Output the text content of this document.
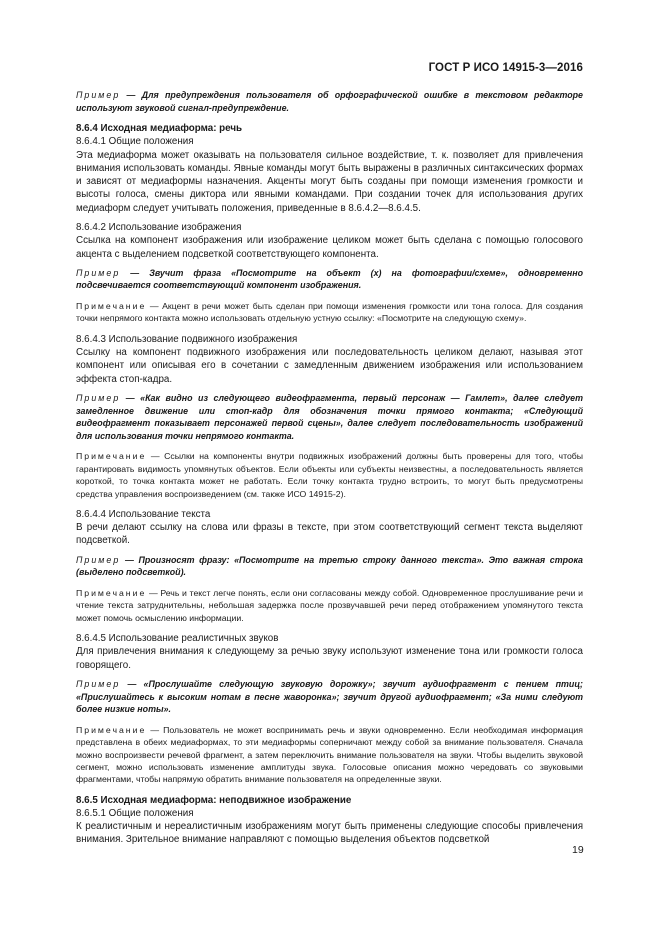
ГОСТ Р ИСО 14915-3—2016

Пример — Для предупреждения пользователя об орфографической ошибке в текстовом редакторе используют звуковой сигнал-предупреждение.

8.6.4 Исходная медиаформа: речь

8.6.4.1 Общие положения

Эта медиаформа может оказывать на пользователя сильное воздействие, т. к. позволяет для привлечения внимания использовать команды. Явные команды могут быть выражены в различных синтаксических формах и зависят от медиаформы назначения. Акценты могут быть созданы при помощи изменения громкости и высоты голоса, смены диктора или явными командами. При создании точек для использования других медиаформ следует учитывать положения, приведенные в 8.6.4.2—8.6.4.5.

8.6.4.2 Использование изображения

Ссылка на компонент изображения или изображение целиком может быть сделана с помощью голосового акцента с выделением подсветкой соответствующего компонента.

Пример — Звучит фраза «Посмотрите на объект (х) на фотографии/схеме», одновременно подсвечивается соответствующий компонент изображения.

Примечание — Акцент в речи может быть сделан при помощи изменения громкости или тона голоса. Для создания точки непрямого контакта можно использовать отдельную устную ссылку: «Посмотрите на следующую схему».

8.6.4.3 Использование подвижного изображения

Ссылку на компонент подвижного изображения или последовательность целиком делают, называя этот компонент или описывая его в сочетании с замедленным движением изображения или использованием эффекта стоп-кадра.

Пример — «Как видно из следующего видеофрагмента, первый персонаж — Гамлет», далее следует замедленное движение или стоп-кадр для обозначения точки прямого контакта; «Следующий видеофрагмент показывает персонажей первой сцены», далее следует последовательность изображений для использования точки непрямого контакта.

Примечание — Ссылки на компоненты внутри подвижных изображений должны быть проверены для того, чтобы гарантировать видимость упомянутых объектов. Если объекты или субъекты неизвестны, а последовательность является короткой, то точка контакта может не работать. Если точку контакта трудно встроить, то могут быть предусмотрены средства управления воспроизведением (см. также ИСО 14915-2).

8.6.4.4 Использование текста

В речи делают ссылку на слова или фразы в тексте, при этом соответствующий сегмент текста выделяют подсветкой.

Пример — Произносят фразу: «Посмотрите на третью строку данного текста». Это важная строка (выделено подсветкой).

Примечание — Речь и текст легче понять, если они согласованы между собой. Одновременное прослушивание речи и чтение текста затруднительны, небольшая задержка после прозвучавшей речи перед отображением упомянутого текста может помочь осмыслению информации.

8.6.4.5 Использование реалистичных звуков

Для привлечения внимания к следующему за речью звуку используют изменение тона или громкости голоса говорящего.

Пример — «Прослушайте следующую звуковую дорожку»; звучит аудиофрагмент с пением птиц; «Прислушайтесь к высоким нотам в песне жаворонка»; звучит другой аудиофрагмент; «За ними следуют более низкие ноты».

Примечание — Пользователь не может воспринимать речь и звуки одновременно. Если необходимая информация представлена в обеих медиаформах, то эти медиаформы соперничают между собой за внимание пользователя. Сначала можно воспроизвести речевой фрагмент, а затем переключить внимание пользователя на звуки. Чтобы выделить звуковой сегмент, можно использовать изменение амплитуды звука. Голосовые описания можно чередовать со звуковыми фрагментами, чтобы напрямую обратить внимание пользователя на определенные звуки.

8.6.5 Исходная медиаформа: неподвижное изображение

8.6.5.1 Общие положения

К реалистичным и нереалистичным изображениям могут быть применены следующие способы привлечения внимания. Зрительное внимание направляют с помощью выделения объектов подсветкой

19
